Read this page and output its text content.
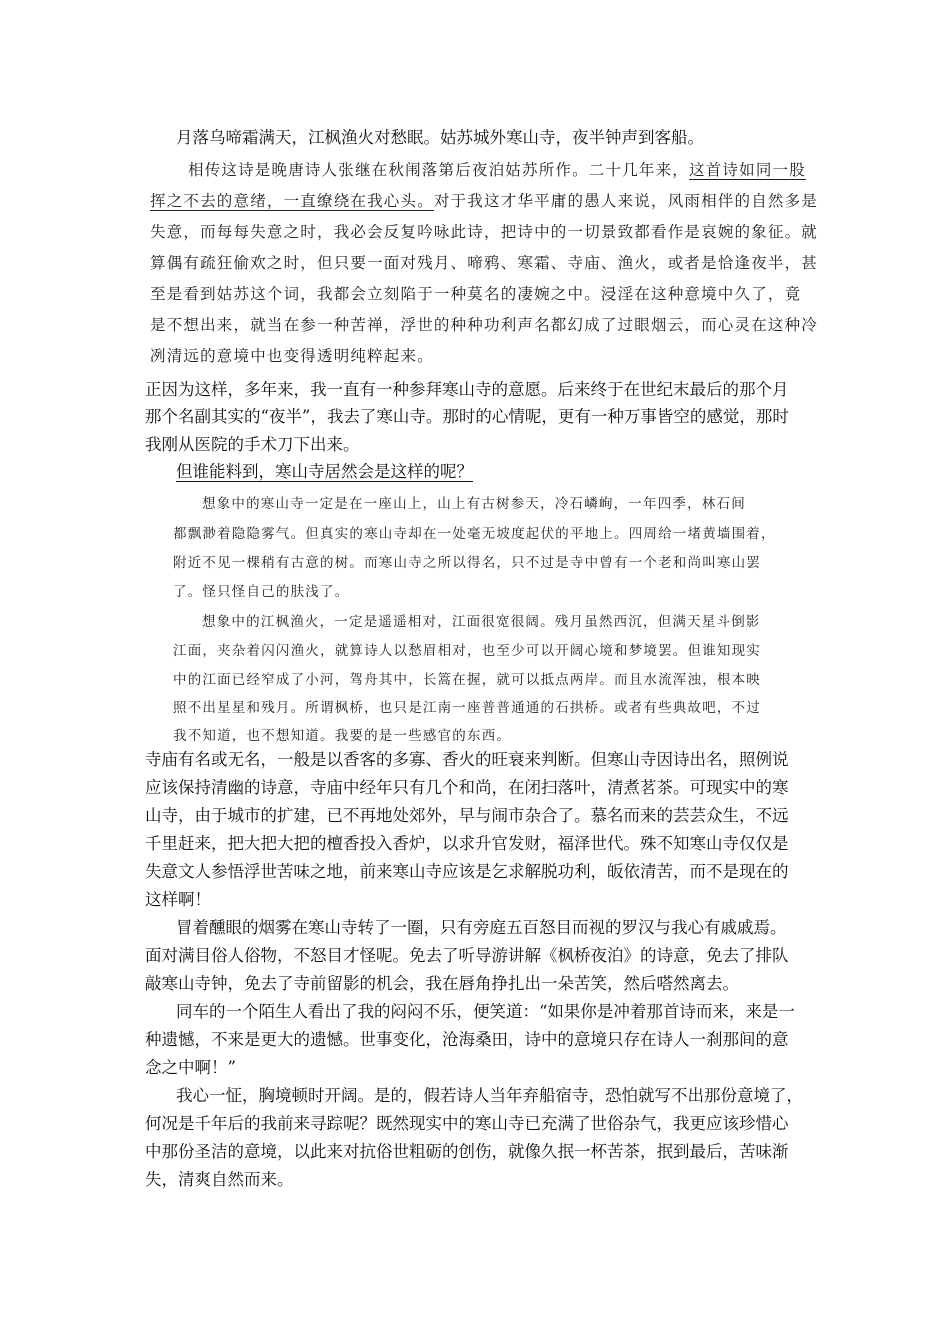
月落乌啼霜满天，江枫渔火对愁眠。姑苏城外寒山寺，夜半钟声到客船。
相传这诗是晚唐诗人张继在秋闱落第后夜泊姑苏所作。二十几年来，这首诗如同一股
挥之不去的意绪，一直缭绕在我心头。对于我这才华平庸的愚人来说，风雨相伴的自然多是
失意，而每每失意之时，我必会反复吟咏此诗，把诗中的一切景致都看作是哀婉的象征。就
算偶有疏狂偷欢之时，但只要一面对残月、啼鸦、寒霜、寺庙、渔火，或者是恰逢夜半，甚
至是看到姑苏这个词，我都会立刻陷于一种莫名的凄婉之中。浸淫在这种意境中久了，竟
是不想出来，就当在参一种苦禅，浮世的种种功利声名都幻成了过眼烟云，而心灵在这种冷
冽清远的意境中也变得透明纯粹起来。
正因为这样，多年来，我一直有一种参拜寒山寺的意愿。后来终于在世纪末最后的那个月
那个名副其实的“夜半”，我去了寒山寺。那时的心情呢，更有一种万事皆空的感觉，那时
我刚从医院的手术刀下出来。
但谁能料到，寒山寺居然会是这样的呢？
想象中的寒山寺一定是在一座山上，山上有古树参天，冷石嶙峋，一年四季，林石间
都飘渺着隐隐雾气。但真实的寒山寺却在一处毫无坡度起伏的平地上。四周给一堵黄墙围着，
附近不见一棵稍有古意的树。而寒山寺之所以得名，只不过是寺中曾有一个老和尚叫寒山罢
了。怪只怪自己的肤浅了。
想象中的江枫渔火，一定是遥遥相对，江面很宽很阔。残月虽然西沉，但满天星斗倒影
江面，夹杂着闪闪渔火，就算诗人以愁眉相对，也至少可以开阔心境和梦境罢。但谁知现实
中的江面已经窄成了小河，驾舟其中，长篙在握，就可以抵点两岸。而且水流浑浊，根本映
照不出星星和残月。所谓枫桥，也只是江南一座普普通通的石拱桥。或者有些典故吧，不过
我不知道，也不想知道。我要的是一些感官的东西。
寺庙有名或无名，一般是以香客的多寡、香火的旺衰来判断。但寒山寺因诗出名，照例说
应该保持清幽的诗意，寺庙中经年只有几个和尚，在闭扫落叶，清煮茗茶。可现实中的寒
山寺，由于城市的扩建，已不再地处郊外，早与闹市杂合了。慕名而来的芸芸众生，不远
千里赶来，把大把大把的檀香投入香炉，以求升官发财，福泽世代。殊不知寒山寺仅仅是
失意文人参悟浮世苦味之地，前来寒山寺应该是乞求解脱功利，皈依清苦，而不是现在的
这样啊！
冒着醺眼的烟雾在寒山寺转了一圈，只有旁庭五百怒目而视的罗汉与我心有戚戚焉。
面对满目俗人俗物，不怒目才怪呢。免去了听导游讲解《枫桥夜泊》的诗意，免去了排队
敲寒山寺钟，免去了寺前留影的机会，我在唇角挣扎出一朵苦笑，然后嗒然离去。
同车的一个陌生人看出了我的闷闷不乐，便笑道：“如果你是冲着那首诗而来，来是一
种遗憾，不来是更大的遗憾。世事变化，沧海桑田，诗中的意境只存在诗人一刹那间的意
念之中啊！”
我心一怔，胸境顿时开阔。是的，假若诗人当年弃船宿寺，恐怕就写不出那份意境了，
何况是千年后的我前来寻踪呢？既然现实中的寒山寺已充满了世俗杂气，我更应该珍惜心
中那份圣洁的意境，以此来对抗俗世粗砺的创伤，就像久抿一杯苦茶，抿到最后，苦味渐
失，清爽自然而来。
